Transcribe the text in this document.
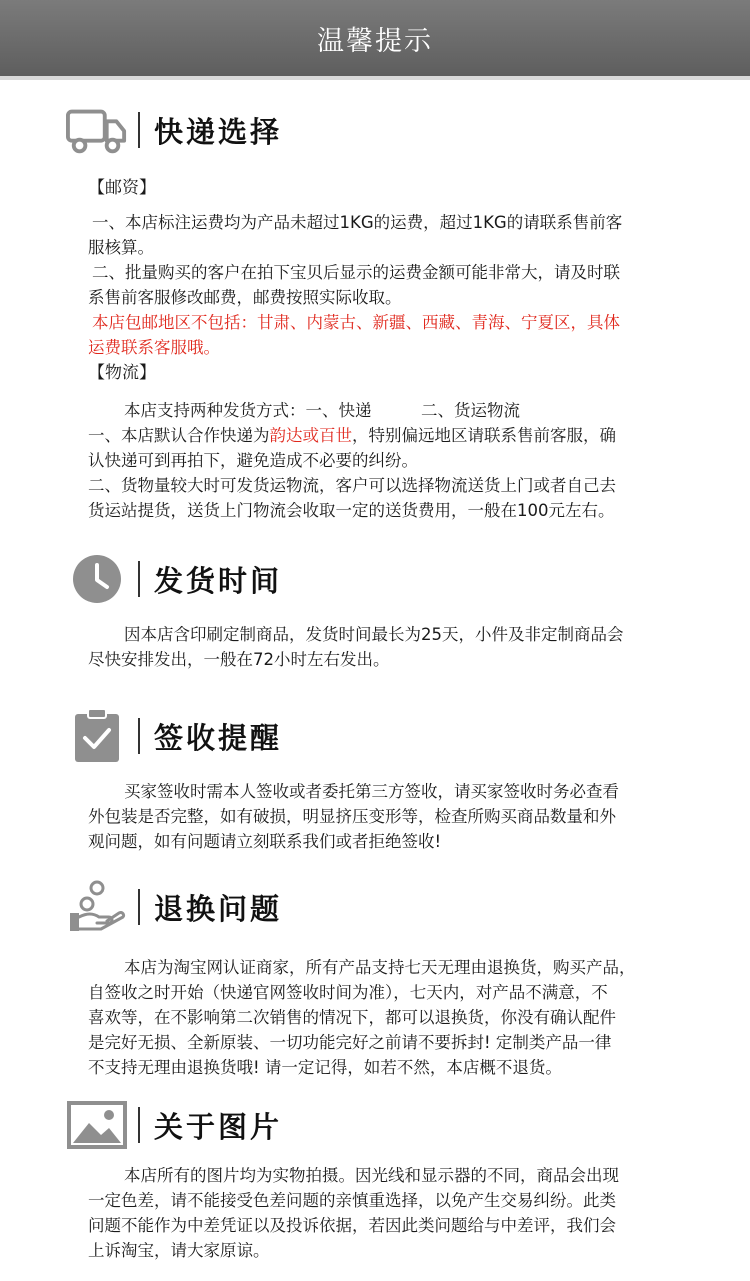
温馨提示
快递选择
【邮资】
一、本店标注运费均为产品未超过1KG的运费，超过1KG的请联系售前客
服核算。
二、批量购买的客户在拍下宝贝后显示的运费金额可能非常大，请及时联
系售前客服修改邮费，邮费按照实际收取。
本店包邮地区不包括：甘肃、内蒙古、新疆、西藏、青海、宁夏区，具体
运费联系客服哦。
【物流】
本店支持两种发货方式：一、快递　　　二、货运物流
一、本店默认合作快递为韵达或百世，特别偏远地区请联系售前客服，确
认快递可到再拍下，避免造成不必要的纠纷。
二、货物量较大时可发货运物流，客户可以选择物流送货上门或者自己去
货运站提货，送货上门物流会收取一定的送货费用，一般在100元左右。
发货时间
因本店含印刷定制商品，发货时间最长为25天，小件及非定制商品会
尽快安排发出，一般在72小时左右发出。
签收提醒
买家签收时需本人签收或者委托第三方签收，请买家签收时务必查看
外包装是否完整，如有破损，明显挤压变形等，检查所购买商品数量和外
观问题，如有问题请立刻联系我们或者拒绝签收!
退换问题
本店为淘宝网认证商家，所有产品支持七天无理由退换货，购买产品，
自签收之时开始（快递官网签收时间为准），七天内，对产品不满意，不
喜欢等，在不影响第二次销售的情况下，都可以退换货，你没有确认配件
是完好无损、全新原装、一切功能完好之前请不要拆封! 定制类产品一律
不支持无理由退换货哦! 请一定记得，如若不然，本店概不退货。
关于图片
本店所有的图片均为实物拍摄。因光线和显示器的不同，商品会出现
一定色差，请不能接受色差问题的亲慎重选择，以免产生交易纠纷。此类
问题不能作为中差凭证以及投诉依据，若因此类问题给与中差评，我们会
上诉淘宝，请大家原谅。
